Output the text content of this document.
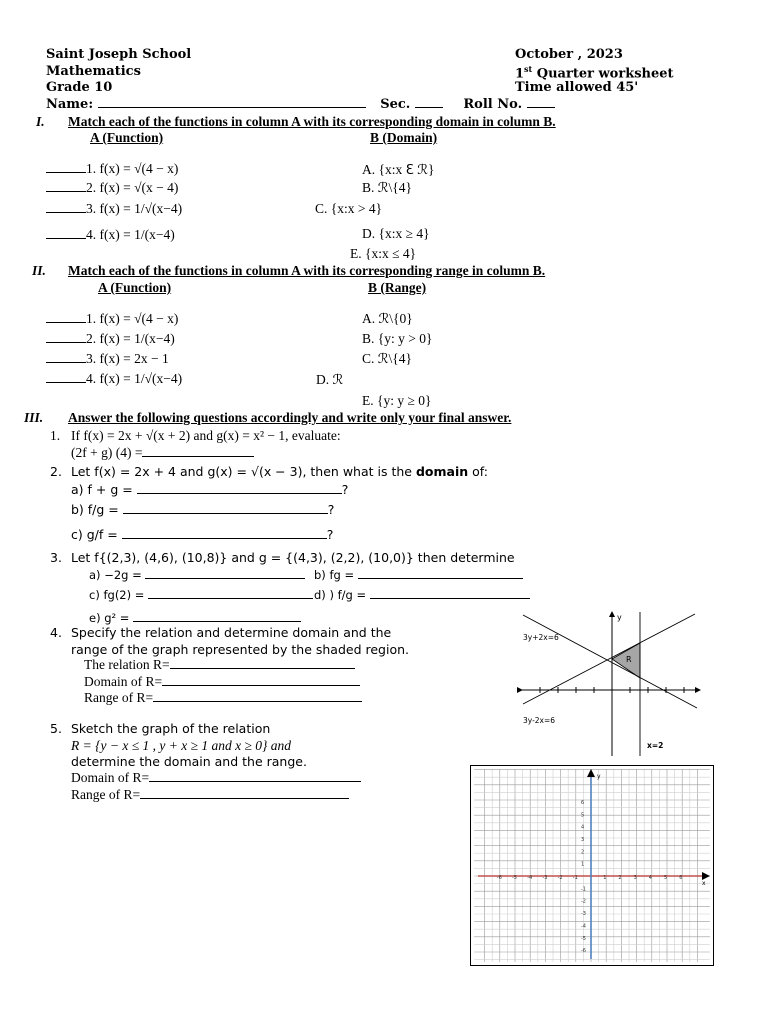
Saint Joseph School
Mathematics
Grade 10
Name:	Sec.	Roll No.
October , 2023
1st Quarter worksheet
Time allowed 45'
I. Match each of the functions in column A with its corresponding domain in column B.
A (Function)	B (Domain)
1. f(x) = √(4 − x)
2. f(x) = √(x − 4)
3. f(x) = 1/√(x−4)
4. f(x) = 1/(x−4)
A. {x:x ℇ ℛ}
B. ℛ\{4}
C. {x:x > 4}
D. {x:x ≥ 4}
E. {x:x ≤ 4}
II. Match each of the functions in column A with its corresponding range in column B.
A (Function)	B (Range)
1. f(x) = √(4 − x)
2. f(x) = 1/(x−4)
3. f(x) = 2x − 1
4. f(x) = 1/√(x−4)
A. ℛ\{0}
B. {y: y > 0}
C. ℛ\{4}
D. ℛ
E. {y: y ≥ 0}
III. Answer the following questions accordingly and write only your final answer.
1. If f(x) = 2x + √(x + 2) and g(x) = x² − 1, evaluate:
(2f + g) (4) =
2. Let f(x) = 2x + 4 and g(x) = √(x − 3), then what is the domain of:
a) f + g =	?
b) f/g =	?
c) g/f =	?
3. Let f{(2,3), (4,6), (10,8)} and g = {(4,3), (2,2), (10,0)} then determine
a) −2g =	b) fg =
c) fg(2) =	d) ) f/g =
e) g² =
4. Specify the relation and determine domain and the
range of the graph represented by the shaded region.
The relation R=
Domain of R=
Range of R=
5. Sketch the graph of the relation
R = {y − x ≤ 1 , y + x ≥ 1 and x ≥ 0} and
determine the domain and the range.
Domain of R=
Range of R=
R
y
3y+2x=6
3y-2x=6
x=2
y
x
-6 -5 -4 -3 -2 -1	1 2 3 4 5 6
6
5
4
3
2
1
-1
-2
-3
-4
-5
-6
